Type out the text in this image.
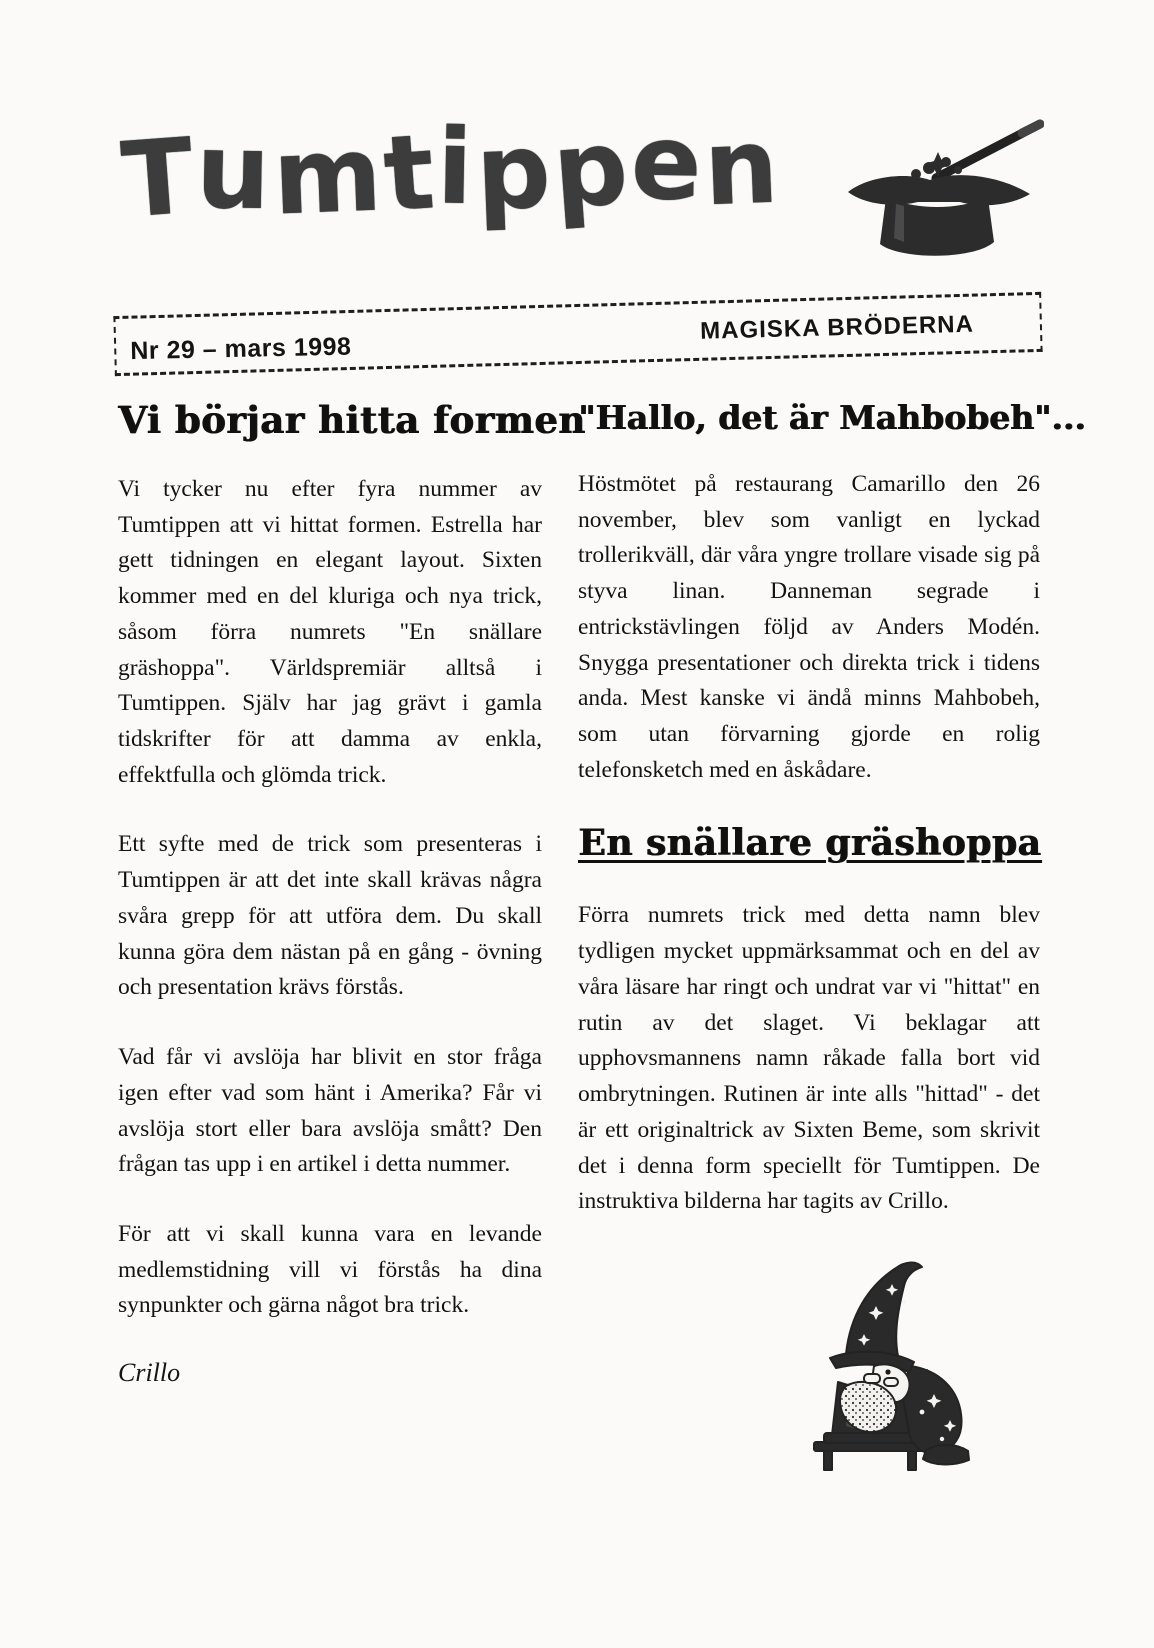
Tumtippen
Nr 29 – mars 1998
MAGISKA BRÖDERNA
Vi börjar hitta formen

Vi tycker nu efter fyra nummer av Tumtippen att vi hittat formen. Estrella har gett tidningen en elegant layout. Sixten kommer med en del kluriga och nya trick, såsom förra numrets "En snällare gräshoppa". Världspremiär alltså i Tumtippen. Själv har jag grävt i gamla tidskrifter för att damma av enkla, effektfulla och glömda trick.

Ett syfte med de trick som presenteras i Tumtippen är att det inte skall krävas några svåra grepp för att utföra dem. Du skall kunna göra dem nästan på en gång - övning och presentation krävs förstås.

Vad får vi avslöja har blivit en stor fråga igen efter vad som hänt i Amerika? Får vi avslöja stort eller bara avslöja smått? Den frågan tas upp i en artikel i detta nummer.

För att vi skall kunna vara en levande medlemstidning vill vi förstås ha dina synpunkter och gärna något bra trick.

Crillo
"Hallo, det är Mahbobeh"...

Höstmötet på restaurang Camarillo den 26 november, blev som vanligt en lyckad trollerikväll, där våra yngre trollare visade sig på styva linan. Danneman segrade i entrickstävlingen följd av Anders Modén. Snygga presentationer och direkta trick i tidens anda. Mest kanske vi ändå minns Mahbobeh, som utan förvarning gjorde en rolig telefonsketch med en åskådare.

En snällare gräshoppa

Förra numrets trick med detta namn blev tydligen mycket uppmärksammat och en del av våra läsare har ringt och undrat var vi "hittat" en rutin av det slaget. Vi beklagar att upphovsmannens namn råkade falla bort vid ombrytningen. Rutinen är inte alls "hittad" - det är ett originaltrick av Sixten Beme, som skrivit det i denna form speciellt för Tumtippen. De instruktiva bilderna har tagits av Crillo.
